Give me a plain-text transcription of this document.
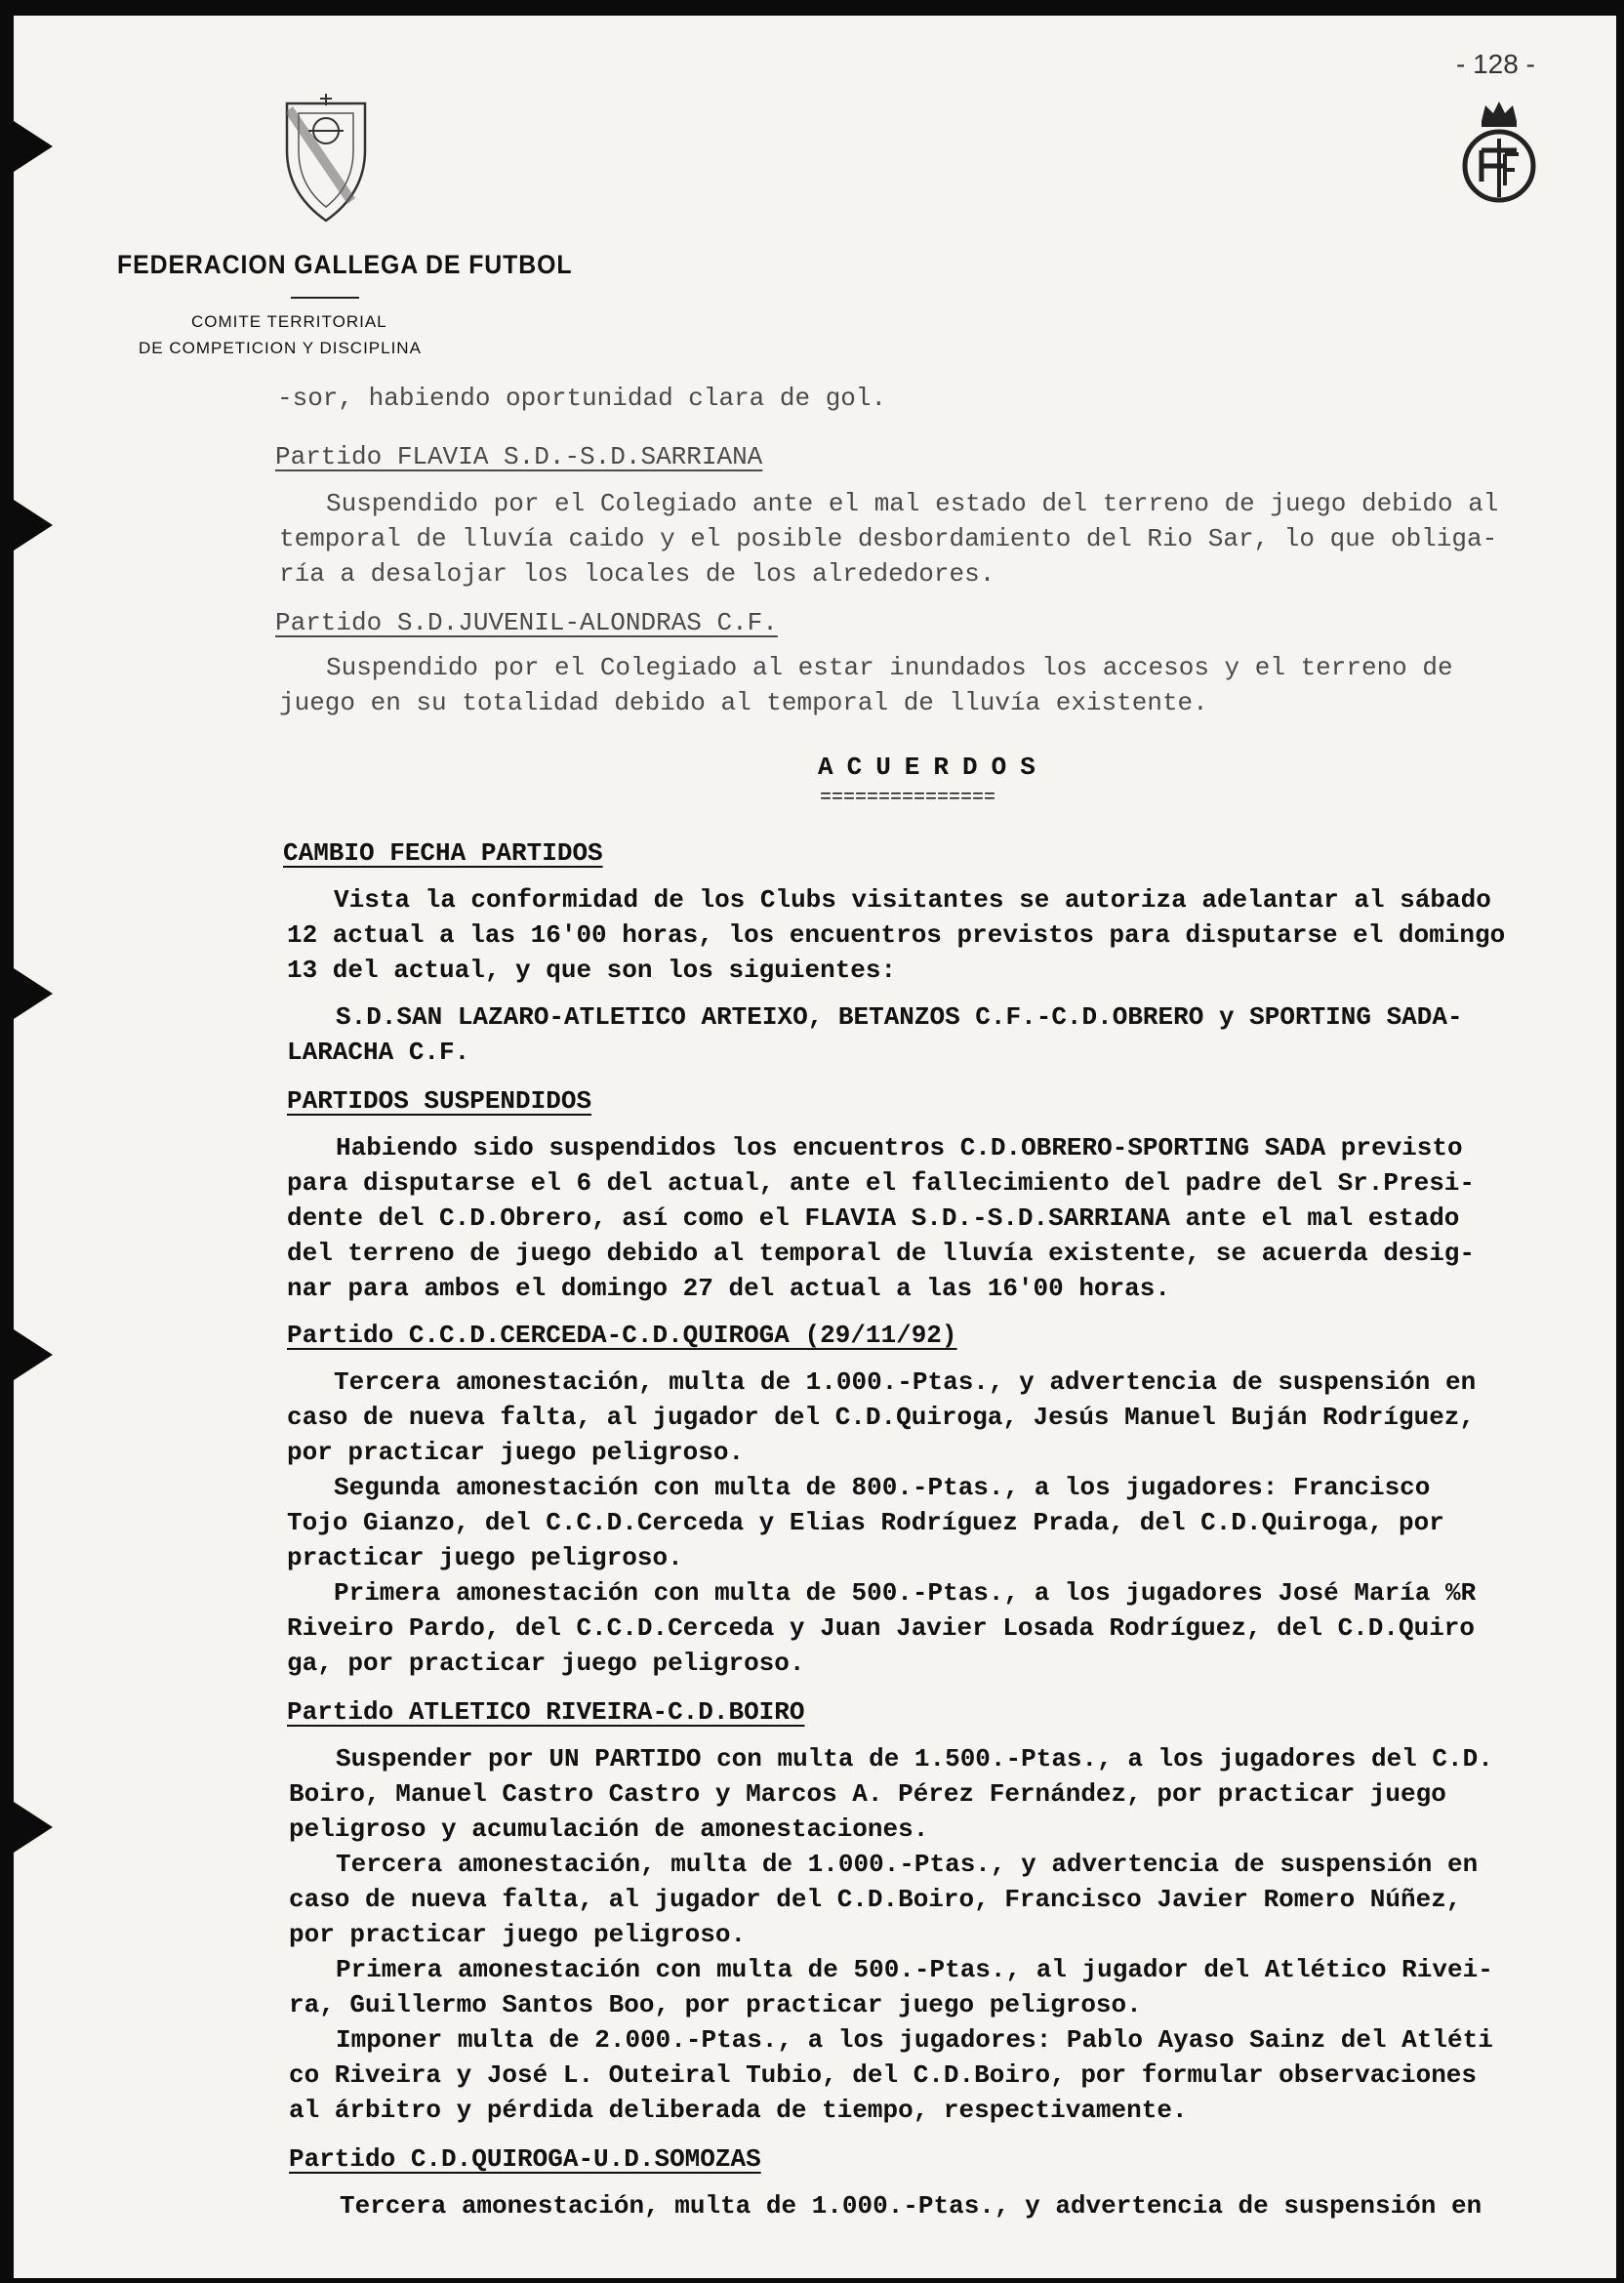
- 128 -
FEDERACION GALLEGA DE FUTBOL
COMITE TERRITORIAL
DE COMPETICION Y DISCIPLINA
-sor, habiendo oportunidad clara de gol.
Partido FLAVIA S.D.-S.D.SARRIANA
Suspendido por el Colegiado ante el mal estado del terreno de juego debido al
temporal de lluvía caido y el posible desbordamiento del Rio Sar, lo que obliga-
ría a desalojar los locales de los alrededores.
Partido S.D.JUVENIL-ALONDRAS C.F.
Suspendido por el Colegiado al estar inundados los accesos y el terreno de
juego en su totalidad debido al temporal de lluvía existente.
ACUERDOS
CAMBIO FECHA PARTIDOS
Vista la conformidad de los Clubs visitantes se autoriza adelantar al sábado
12 actual a las 16'00 horas, los encuentros previstos para disputarse el domingo
13 del actual, y que son los siguientes:
S.D.SAN LAZARO-ATLETICO ARTEIXO, BETANZOS C.F.-C.D.OBRERO y SPORTING SADA-
LARACHA C.F.
PARTIDOS SUSPENDIDOS
Habiendo sido suspendidos los encuentros C.D.OBRERO-SPORTING SADA previsto
para disputarse el 6 del actual, ante el fallecimiento del padre del Sr.Presi-
dente del C.D.Obrero, así como el FLAVIA S.D.-S.D.SARRIANA ante el mal estado
del terreno de juego debido al temporal de lluvía existente, se acuerda desig-
nar para ambos el domingo 27 del actual a las 16'00 horas.
Partido C.C.D.CERCEDA-C.D.QUIROGA (29/11/92)
Tercera amonestación, multa de 1.000.-Ptas., y advertencia de suspensión en
caso de nueva falta, al jugador del C.D.Quiroga, Jesús Manuel Buján Rodríguez,
por practicar juego peligroso.
Segunda amonestación con multa de 800.-Ptas., a los jugadores: Francisco
Tojo Gianzo, del C.C.D.Cerceda y Elias Rodríguez Prada, del C.D.Quiroga, por
practicar juego peligroso.
Primera amonestación con multa de 500.-Ptas., a los jugadores José María %R
Riveiro Pardo, del C.C.D.Cerceda y Juan Javier Losada Rodríguez, del C.D.Quiro
ga, por practicar juego peligroso.
Partido ATLETICO RIVEIRA-C.D.BOIRO
Suspender por UN PARTIDO con multa de 1.500.-Ptas., a los jugadores del C.D.
Boiro, Manuel Castro Castro y Marcos A. Pérez Fernández, por practicar juego
peligroso y acumulación de amonestaciones.
Tercera amonestación, multa de 1.000.-Ptas., y advertencia de suspensión en
caso de nueva falta, al jugador del C.D.Boiro, Francisco Javier Romero Núñez,
por practicar juego peligroso.
Primera amonestación con multa de 500.-Ptas., al jugador del Atlético Rivei-
ra, Guillermo Santos Boo, por practicar juego peligroso.
Imponer multa de 2.000.-Ptas., a los jugadores: Pablo Ayaso Sainz del Atléti
co Riveira y José L. Outeiral Tubio, del C.D.Boiro, por formular observaciones
al árbitro y pérdida deliberada de tiempo, respectivamente.
Partido C.D.QUIROGA-U.D.SOMOZAS
Tercera amonestación, multa de 1.000.-Ptas., y advertencia de suspensión en
===============
